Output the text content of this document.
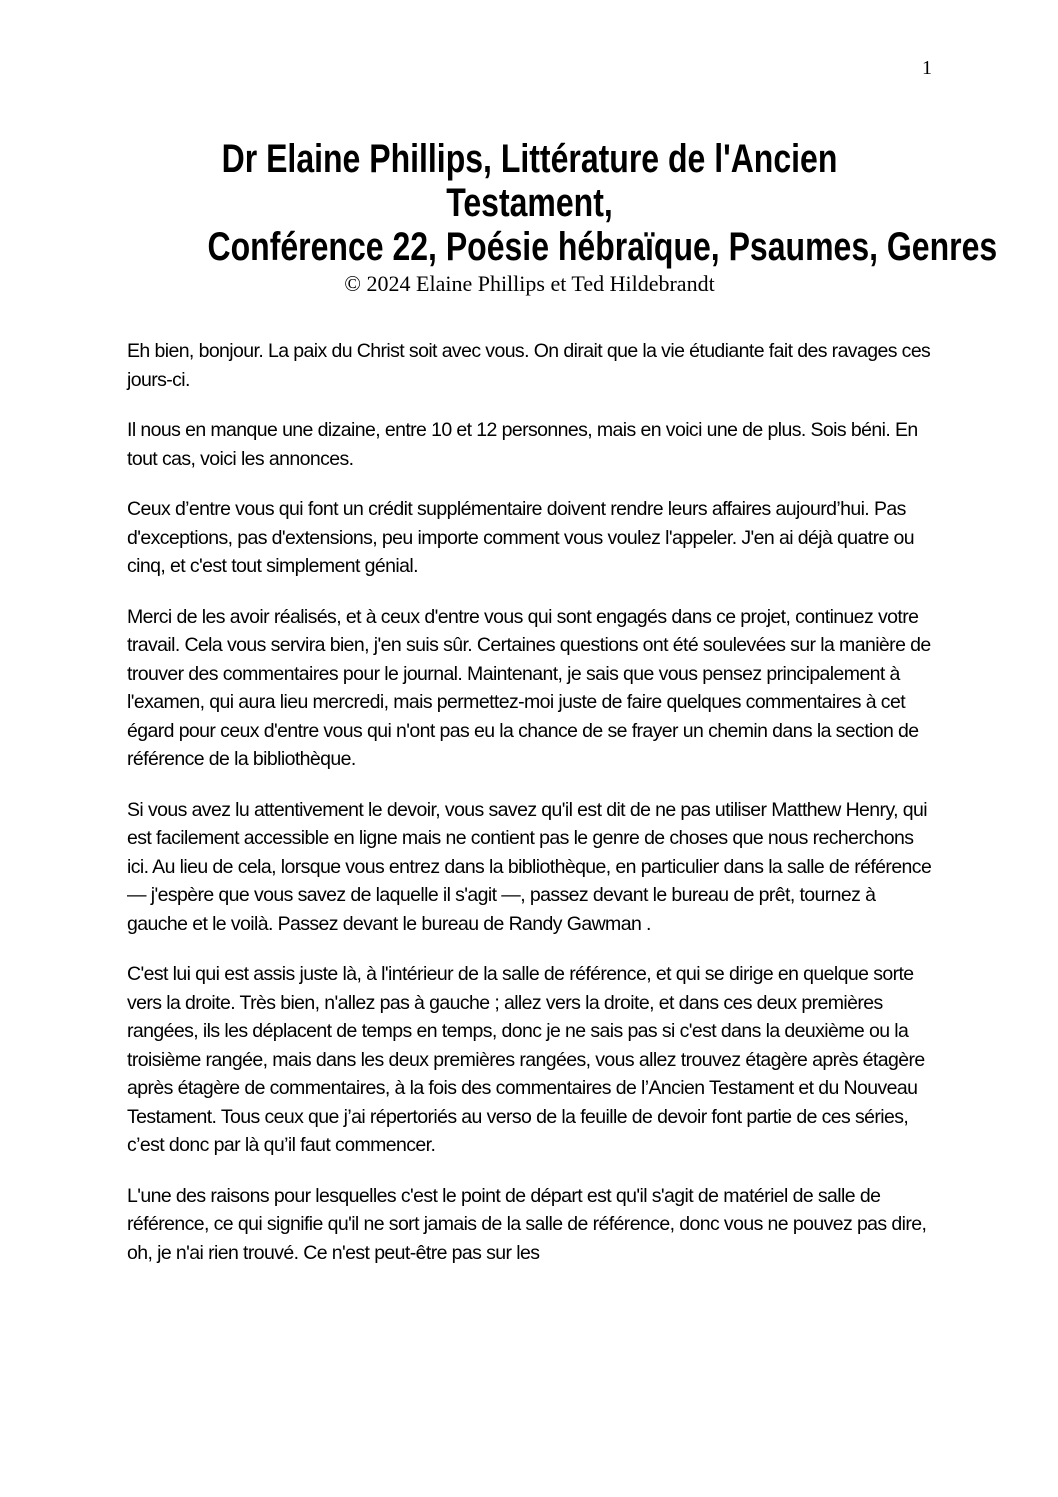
1
Dr Elaine Phillips, Littérature de l'Ancien
Testament,
Conférence 22, Poésie hébraïque, Psaumes, Genres
© 2024 Elaine Phillips et Ted Hildebrandt

Eh bien, bonjour. La paix du Christ soit avec vous. On dirait que la vie étudiante fait des ravages ces jours-ci.

Il nous en manque une dizaine, entre 10 et 12 personnes, mais en voici une de plus. Sois béni. En tout cas, voici les annonces.

Ceux d’entre vous qui font un crédit supplémentaire doivent rendre leurs affaires aujourd’hui. Pas d'exceptions, pas d'extensions, peu importe comment vous voulez l'appeler. J'en ai déjà quatre ou cinq, et c'est tout simplement génial.

Merci de les avoir réalisés, et à ceux d'entre vous qui sont engagés dans ce projet, continuez votre travail. Cela vous servira bien, j'en suis sûr. Certaines questions ont été soulevées sur la manière de trouver des commentaires pour le journal. Maintenant, je sais que vous pensez principalement à l'examen, qui aura lieu mercredi, mais permettez-moi juste de faire quelques commentaires à cet égard pour ceux d'entre vous qui n'ont pas eu la chance de se frayer un chemin dans la section de référence de la bibliothèque.

Si vous avez lu attentivement le devoir, vous savez qu'il est dit de ne pas utiliser Matthew Henry, qui est facilement accessible en ligne mais ne contient pas le genre de choses que nous recherchons ici. Au lieu de cela, lorsque vous entrez dans la bibliothèque, en particulier dans la salle de référence — j'espère que vous savez de laquelle il s'agit —, passez devant le bureau de prêt, tournez à gauche et le voilà. Passez devant le bureau de Randy Gawman .

C'est lui qui est assis juste là, à l'intérieur de la salle de référence, et qui se dirige en quelque sorte vers la droite. Très bien, n'allez pas à gauche ; allez vers la droite, et dans ces deux premières rangées, ils les déplacent de temps en temps, donc je ne sais pas si c'est dans la deuxième ou la troisième rangée, mais dans les deux premières rangées, vous allez trouvez étagère après étagère après étagère de commentaires, à la fois des commentaires de l’Ancien Testament et du Nouveau Testament. Tous ceux que j’ai répertoriés au verso de la feuille de devoir font partie de ces séries, c’est donc par là qu’il faut commencer.

L'une des raisons pour lesquelles c'est le point de départ est qu'il s'agit de matériel de salle de référence, ce qui signifie qu'il ne sort jamais de la salle de référence, donc vous ne pouvez pas dire, oh, je n'ai rien trouvé. Ce n'est peut-être pas sur les
